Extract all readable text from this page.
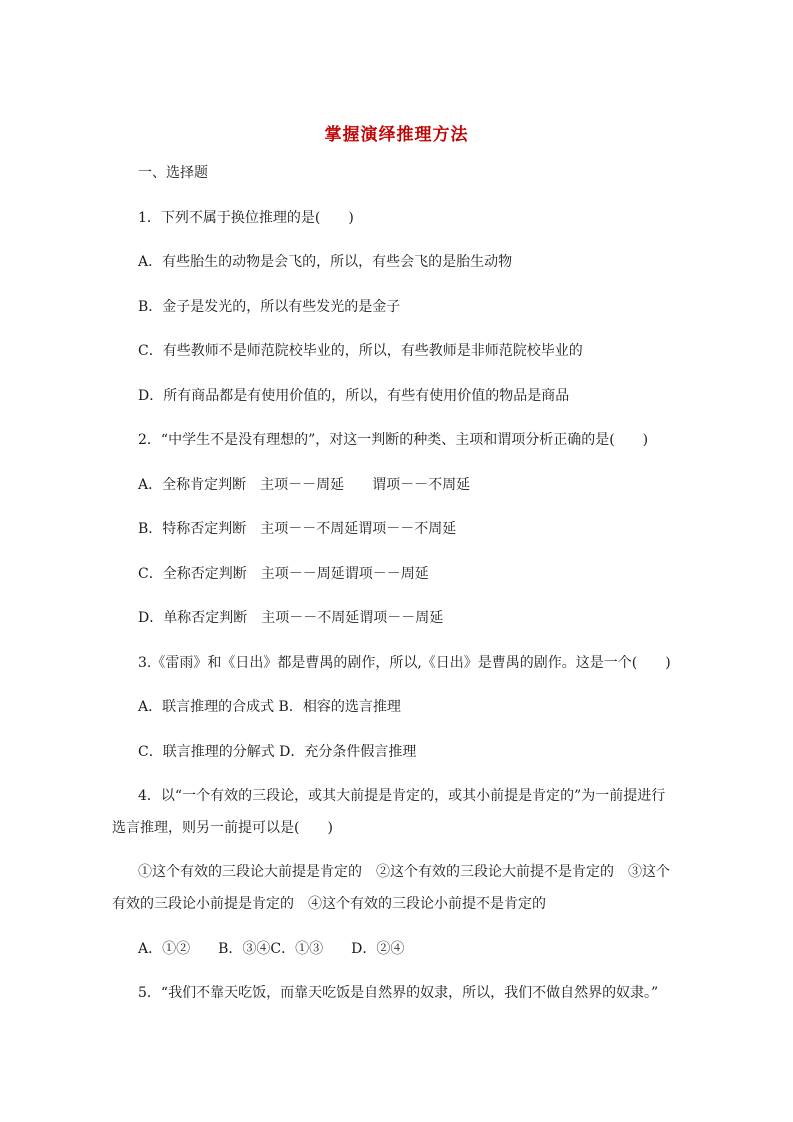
掌握演绎推理方法
一、选择题
1．下列不属于换位推理的是(　　)
A．有些胎生的动物是会飞的，所以，有些会飞的是胎生动物
B．金子是发光的，所以有些发光的是金子
C．有些教师不是师范院校毕业的，所以，有些教师是非师范院校毕业的
D．所有商品都是有使用价值的，所以，有些有使用价值的物品是商品
2．“中学生不是没有理想的”，对这一判断的种类、主项和谓项分析正确的是(　　)
A．全称肯定判断　主项－－周延　　谓项－－不周延
B．特称否定判断　主项－－不周延谓项－－不周延
C．全称否定判断　主项－－周延谓项－－周延
D．单称否定判断　主项－－不周延谓项－－周延
3.《雷雨》和《日出》都是曹禺的剧作，所以,《日出》是曹禺的剧作。这是一个(　　)
A．联言推理的合成式 B．相容的选言推理
C．联言推理的分解式 D．充分条件假言推理
4．以“一个有效的三段论，或其大前提是肯定的，或其小前提是肯定的”为一前提进行
选言推理，则另一前提可以是(　　)
①这个有效的三段论大前提是肯定的　②这个有效的三段论大前提不是肯定的　③这个
有效的三段论小前提是肯定的　④这个有效的三段论小前提不是肯定的
A．①②　　B．③④C．①③　　D．②④
5．“我们不靠天吃饭，而靠天吃饭是自然界的奴隶，所以，我们不做自然界的奴隶。”
